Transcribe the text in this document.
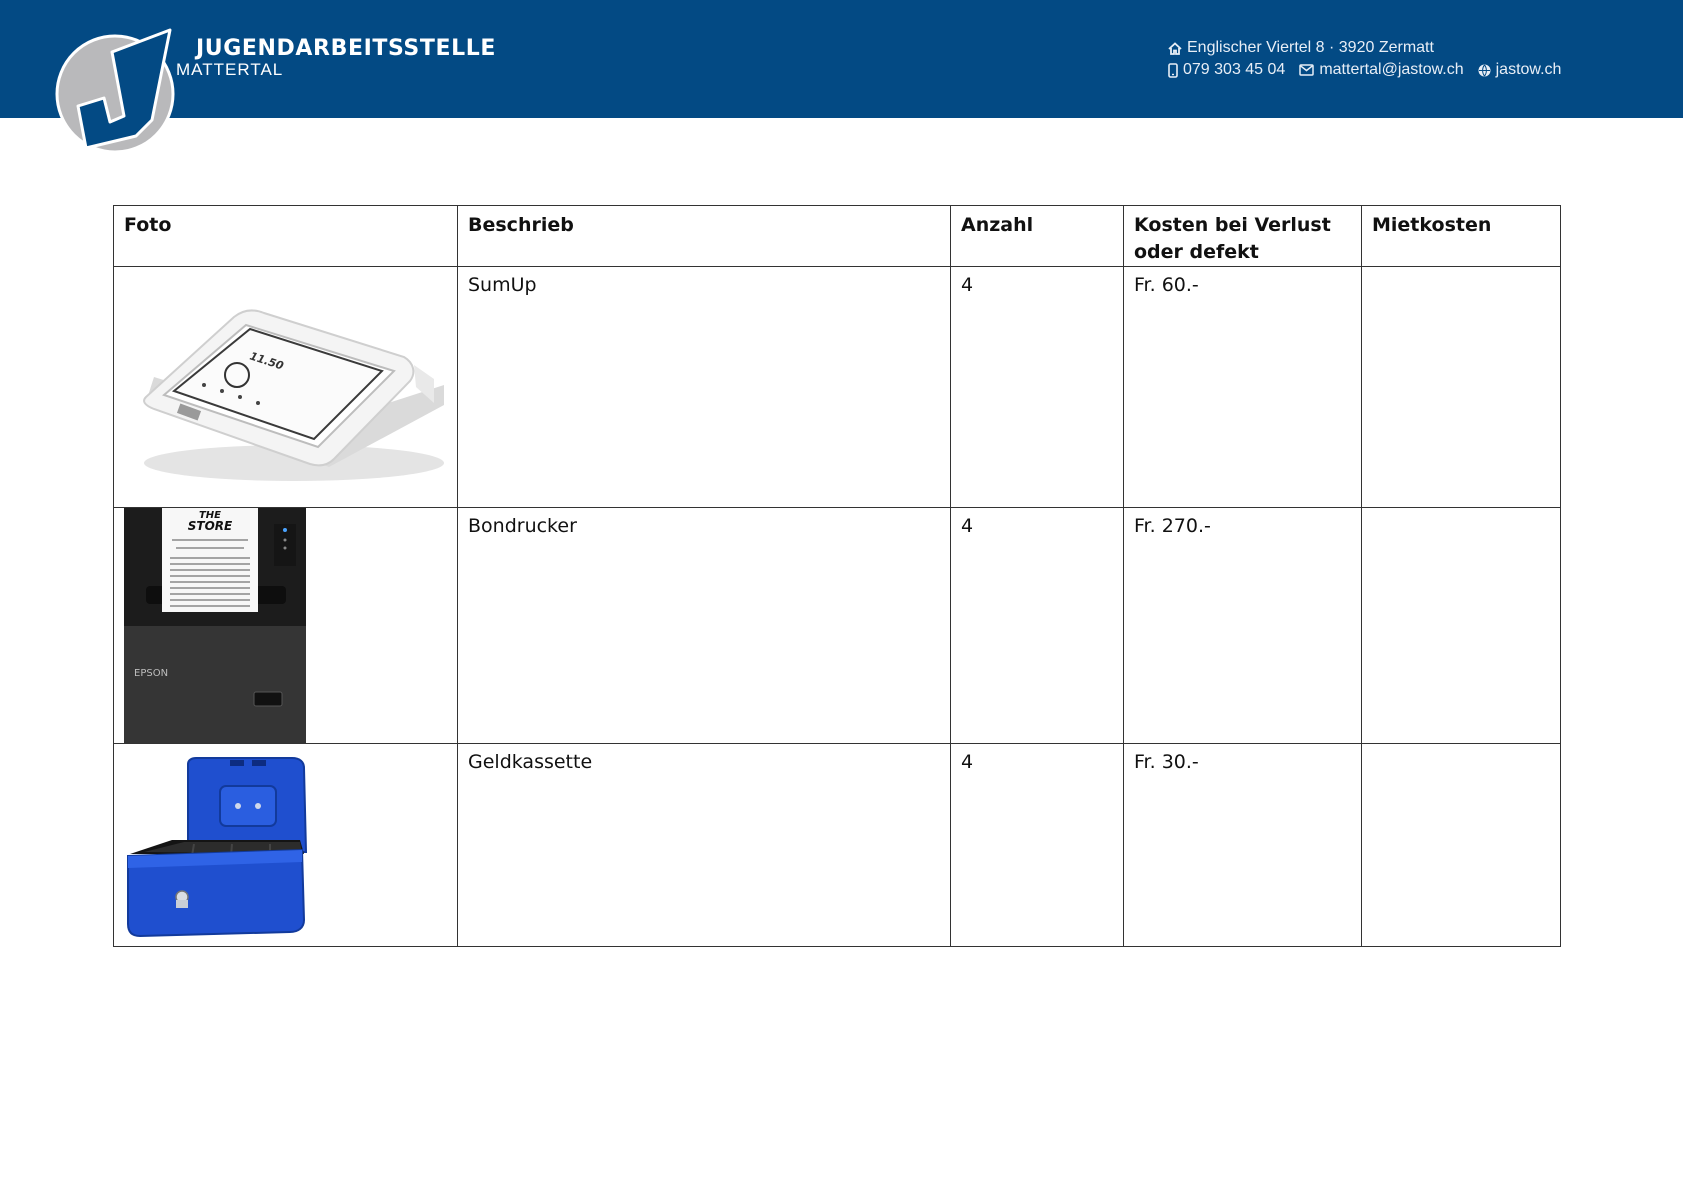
JUGENDARBEITSSTELLE
MATTERTAL
Englischer Viertel 8 · 3920 Zermatt
079 303 45 04 mattertal@jastow.ch jastow.ch
Foto	Beschrieb	Anzahl	Kosten bei Verlust oder defekt	Mietkosten

11.50	SumUp	4	Fr. 60.-	

THE
STORE
EPSON	Bondrucker	4	Fr. 270.-	

	Geldkassette	4	Fr. 30.-	
